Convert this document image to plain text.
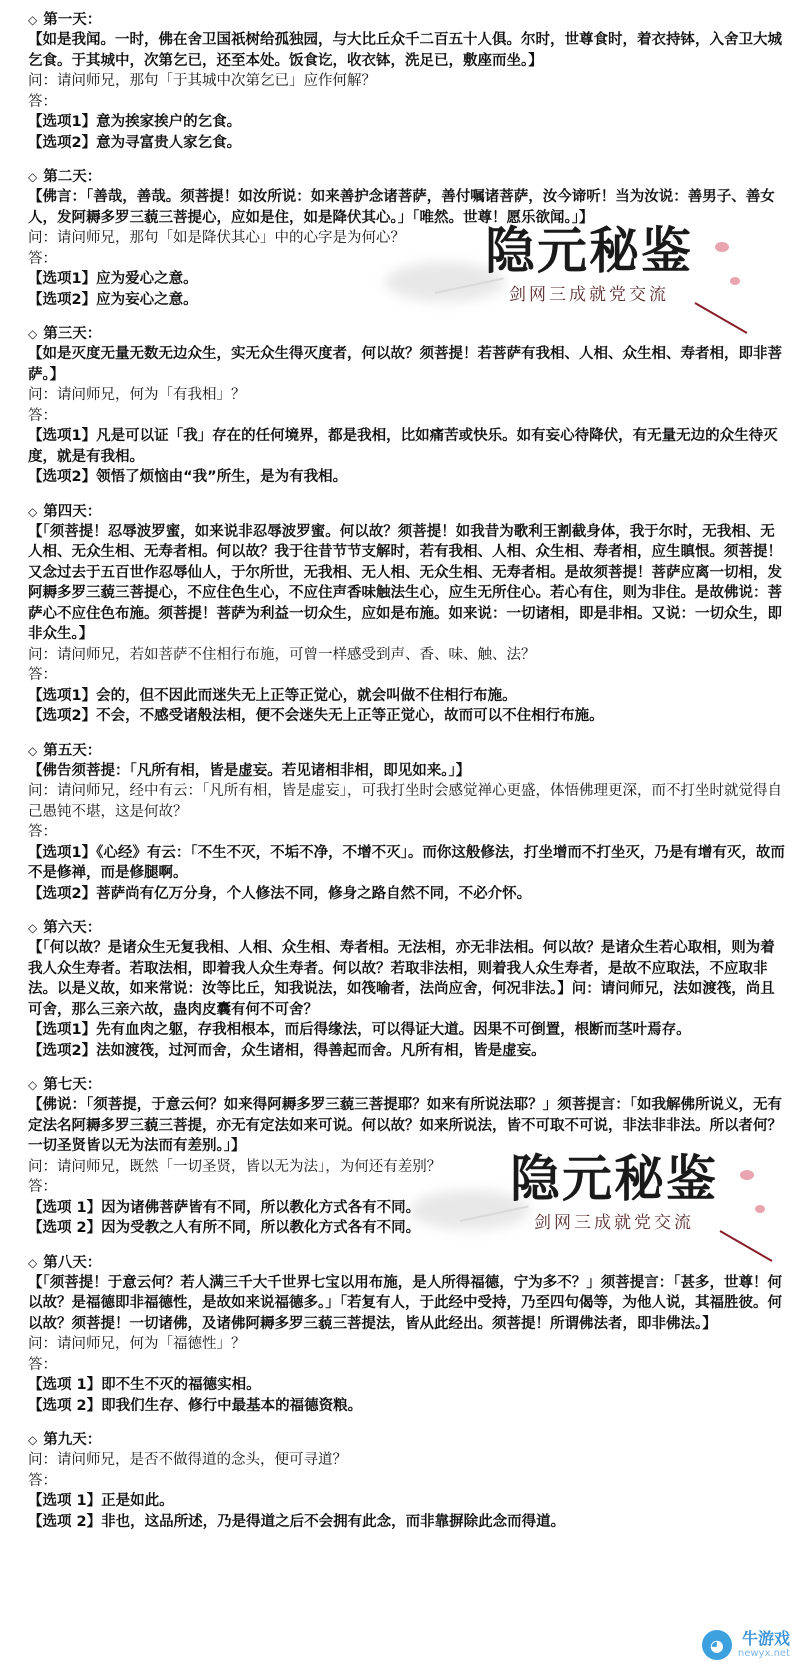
◇ 第一天：

【如是我闻。一时，佛在舍卫国祇树给孤独园，与大比丘众千二百五十人俱。尔时，世尊食时，着衣持钵，入舍卫大城乞食。于其城中，次第乞已，还至本处。饭食讫，收衣钵，洗足已，敷座而坐。】

问：请问师兄，那句「于其城中次第乞已」应作何解？

答：

【选项1】意为挨家挨户的乞食。

【选项2】意为寻富贵人家乞食。

◇ 第二天：

【佛言：「善哉，善哉。须菩提！如汝所说：如来善护念诸菩萨，善付嘱诸菩萨，汝今谛听！当为汝说：善男子、善女人，发阿耨多罗三藐三菩提心，应如是住，如是降伏其心。」「唯然。世尊！愿乐欲闻。」】

问：请问师兄，那句「如是降伏其心」中的心字是为何心？

答：

【选项1】应为爱心之意。

【选项2】应为妄心之意。

◇ 第三天：

【如是灭度无量无数无边众生，实无众生得灭度者，何以故？须菩提！若菩萨有我相、人相、众生相、寿者相，即非菩萨。】

问：请问师兄，何为「有我相」？

答：

【选项1】凡是可以证「我」存在的任何境界，都是我相，比如痛苦或快乐。如有妄心待降伏，有无量无边的众生待灭度，就是有我相。

【选项2】领悟了烦恼由“我”所生，是为有我相。

◇ 第四天：

【「须菩提！忍辱波罗蜜，如来说非忍辱波罗蜜。何以故？须菩提！如我昔为歌利王割截身体，我于尔时，无我相、无人相、无众生相、无寿者相。何以故？我于往昔节节支解时，若有我相、人相、众生相、寿者相，应生瞋恨。须菩提！又念过去于五百世作忍辱仙人，于尔所世，无我相、无人相、无众生相、无寿者相。是故须菩提！菩萨应离一切相，发阿耨多罗三藐三菩提心，不应住色生心，不应住声香味触法生心，应生无所住心。若心有住，则为非住。是故佛说：菩萨心不应住色布施。须菩提！菩萨为利益一切众生，应如是布施。如来说：一切诸相，即是非相。又说：一切众生，即非众生。】

问：请问师兄，若如菩萨不住相行布施，可曾一样感受到声、香、味、触、法？

答：

【选项1】会的，但不因此而迷失无上正等正觉心，就会叫做不住相行布施。

【选项2】不会，不感受诸般法相，便不会迷失无上正等正觉心，故而可以不住相行布施。

◇ 第五天：

【佛告须菩提：「凡所有相，皆是虚妄。若见诸相非相，即见如来。」】

问：请问师兄，经中有云：「凡所有相，皆是虚妄」，可我打坐时会感觉禅心更盛，体悟佛理更深，而不打坐时就觉得自己愚钝不堪，这是何故？

答：

【选项1】《心经》有云：「不生不灭，不垢不净，不增不灭」。而你这般修法，打坐增而不打坐灭，乃是有增有灭，故而不是修禅，而是修腿啊。

【选项2】菩萨尚有亿万分身，个人修法不同，修身之路自然不同，不必介怀。

◇ 第六天：

【「何以故？是诸众生无复我相、人相、众生相、寿者相。无法相，亦无非法相。何以故？是诸众生若心取相，则为着我人众生寿者。若取法相，即着我人众生寿者。何以故？若取非法相，则着我人众生寿者，是故不应取法，不应取非法。以是义故，如来常说：汝等比丘，知我说法，如筏喻者，法尚应舍，何况非法。】问：请问师兄，法如渡筏，尚且可舍，那么三亲六故，蛊肉皮囊有何不可舍？

【选项1】先有血肉之躯，存我相根本，而后得缘法，可以得证大道。因果不可倒置，根断而茎叶焉存。

【选项2】法如渡筏，过河而舍，众生诸相，得善起而舍。凡所有相，皆是虚妄。

◇ 第七天：

【佛说：「须菩提，于意云何？如来得阿耨多罗三藐三菩提耶？如来有所说法耶？」须菩提言：「如我解佛所说义，无有定法名阿耨多罗三藐三菩提，亦无有定法如来可说。何以故？如来所说法，皆不可取不可说，非法非非法。所以者何？一切圣贤皆以无为法而有差别。」】

问：请问师兄，既然「一切圣贤，皆以无为法」，为何还有差别？

答：

【选项 1】因为诸佛菩萨皆有不同，所以教化方式各有不同。

【选项 2】因为受教之人有所不同，所以教化方式各有不同。

◇ 第八天：

【「须菩提！于意云何？若人满三千大千世界七宝以用布施，是人所得福德，宁为多不？」须菩提言：「甚多，世尊！何以故？是福德即非福德性，是故如来说福德多。」「若复有人，于此经中受持，乃至四句偈等，为他人说，其福胜彼。何以故？须菩提！一切诸佛，及诸佛阿耨多罗三藐三菩提法，皆从此经出。须菩提！所谓佛法者，即非佛法。】

问：请问师兄，何为「福德性」？

答：

【选项 1】即不生不灭的福德实相。

【选项 2】即我们生存、修行中最基本的福德资粮。

◇ 第九天：

问：请问师兄，是否不做得道的念头，便可寻道？

答：

【选项 1】正是如此。

【选项 2】非也，这品所述，乃是得道之后不会拥有此念，而非靠摒除此念而得道。

隐元秘鉴
剑网三成就党交流
隐元秘鉴
剑网三成就党交流
◕	牛游戏
newyx.net
